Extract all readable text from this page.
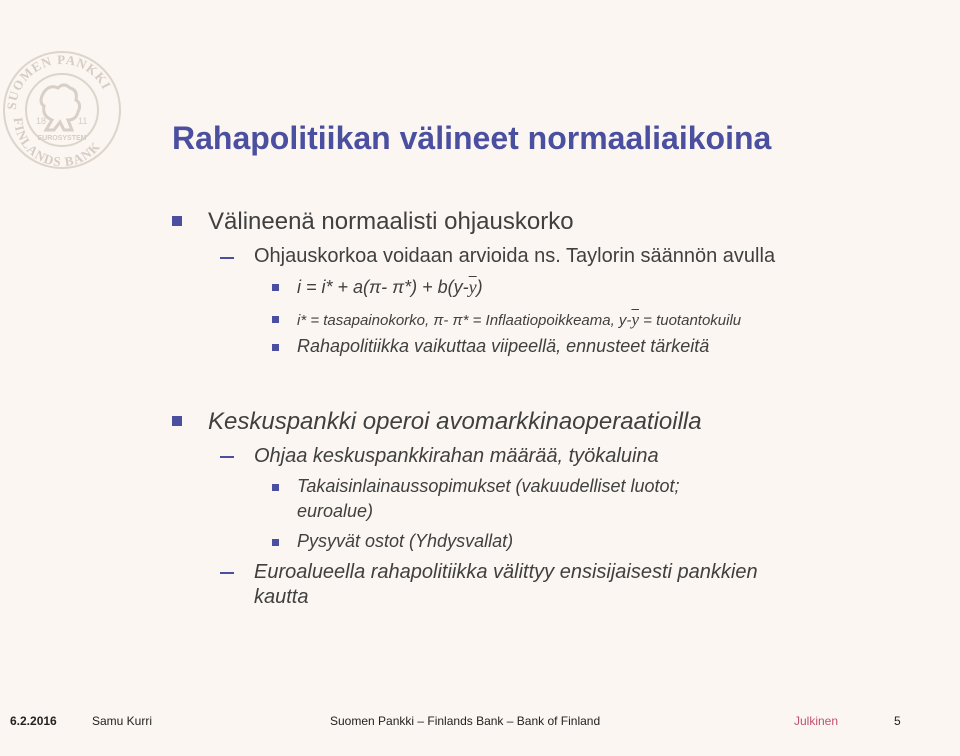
SUOMEN PANKKI
FINLANDS BANK
18	11
EUROSYSTEM	Rahapolitiikan välineet normaaliaikoina
Välineenä normaalisti ohjauskorko
Ohjauskorkoa voidaan arvioida ns. Taylorin säännön avulla
i = i* + a(π- $\pi*) + b(y-\overline{y})$
i* = tasapainokorko, π- π* = Inflaatiopoikkeama, $y-\overline{y}$ = tuotantokuilu
Rahapolitiikka vaikuttaa viipeellä, ennusteet tärkeitä
Keskuspankki operoi avomarkkinaoperaatioilla
Ohjaa keskuspankkirahan määrää, työkaluina
Takaisinlainaussopimukset (vakuudelliset luotot;
euroalue)
Pysyvät ostot (Yhdysvallat)
Euroalueella rahapolitiikka välittyy ensisijaisesti pankkien
kautta
6.2.2016	Samu Kurri	Suomen Pankki – Finlands Bank – Bank of Finland	Julkinen	5
